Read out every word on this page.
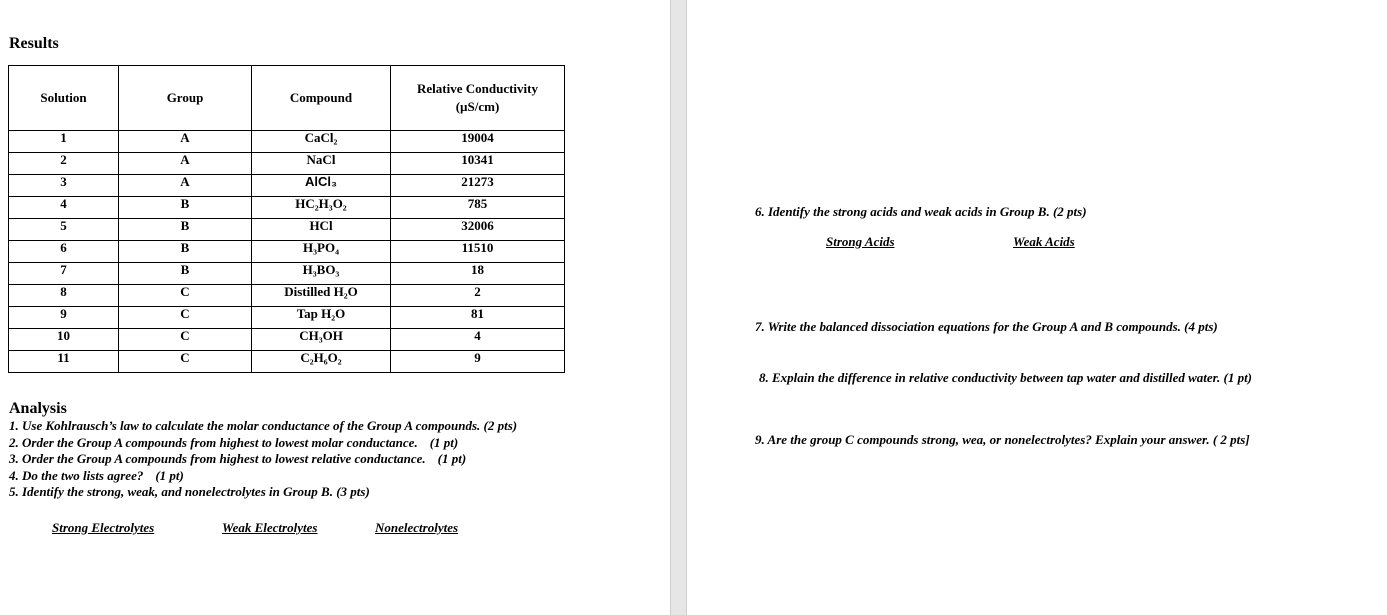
Results
Solution	Group	Compound	Relative Conductivity
(µS/cm)
1	A	CaCl₂	19004
2	A	NaCl	10341
3	A	AlCl₃	21273
4	B	HC₂H₃O₂	785
5	B	HCl	32006
6	B	H₃PO₄	11510
7	B	H₃BO₃	18
8	C	Distilled H₂O	2
9	C	Tap H₂O	81
10	C	CH₃OH	4
11	C	C₂H₆O₂	9
Analysis
1. Use Kohlrausch’s law to calculate the molar conductance of the Group A compounds. (2 pts)
2. Order the Group A compounds from highest to lowest molar conductance. (1 pt)
3. Order the Group A compounds from highest to lowest relative conductance. (1 pt)
4. Do the two lists agree? (1 pt)
5. Identify the strong, weak, and nonelectrolytes in Group B. (3 pts)
Strong Electrolytes	Weak Electrolytes	Nonelectrolytes
6. Identify the strong acids and weak acids in Group B. (2 pts)
Strong Acids	Weak Acids
7. Write the balanced dissociation equations for the Group A and B compounds. (4 pts)
8. Explain the difference in relative conductivity between tap water and distilled water. (1 pt)
9. Are the group C compounds strong, wea, or nonelectrolytes? Explain your answer. ( 2 pts]
